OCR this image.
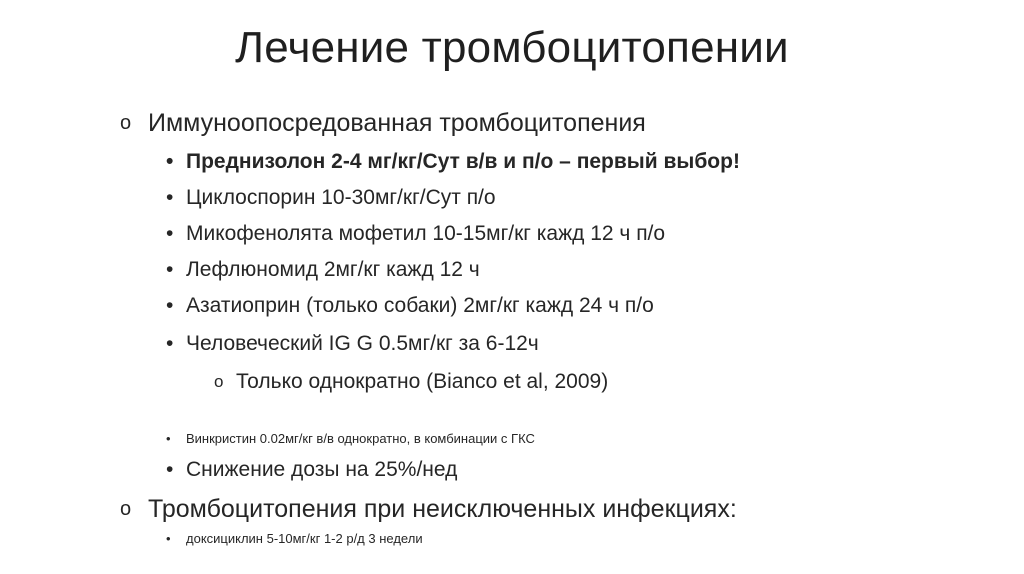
Лечение тромбоцитопении
o Иммуноопосредованная тромбоцитопения
• Преднизолон 2-4 мг/кг/Сут в/в и п/о – первый выбор!
• Циклоспорин 10-30мг/кг/Сут п/о
• Микофенолята мофетил 10-15мг/кг кажд 12 ч п/о
• Лефлюномид 2мг/кг кажд 12 ч
• Азатиоприн (только собаки) 2мг/кг кажд 24 ч п/о
• Человеческий IG G 0.5мг/кг за 6-12ч
o Только однократно (Bianco et al, 2009)
• Винкристин 0.02мг/кг в/в однократно, в комбинации с ГКС
• Снижение дозы на 25%/нед
o Тромбоцитопения при неисключенных инфекциях:
• доксициклин 5-10мг/кг 1-2 р/д 3 недели
